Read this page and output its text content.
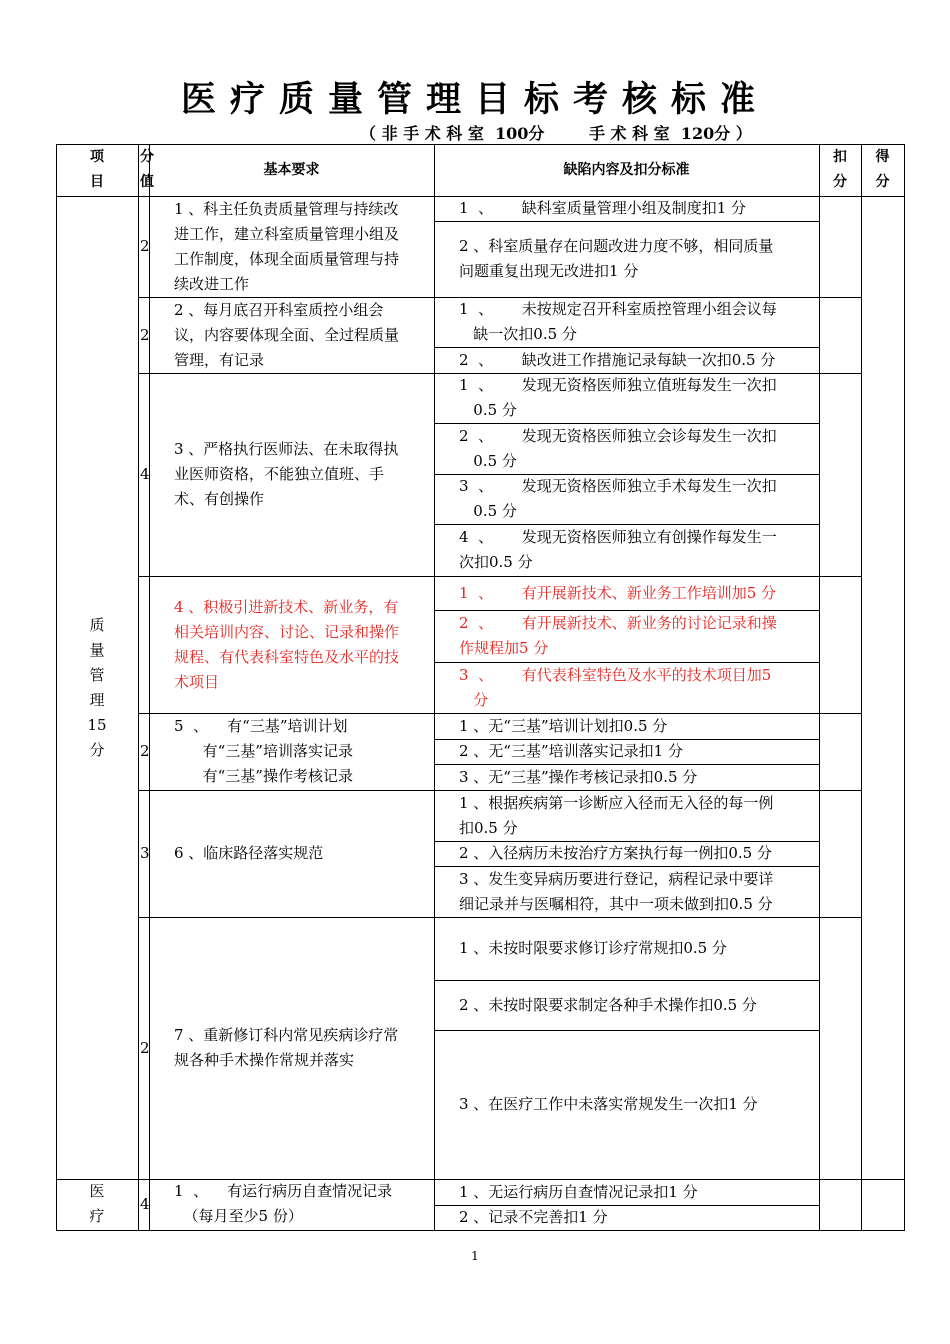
医疗质量管理目标考核标准
（ 非 手 术 科 室  100分        手 术 科 室  120分 ）
项
目
分
值
基本要求	缺陷内容及扣分标准
扣
分
得
分
质
量
管
理
15
分
医
疗
2
1 、科主任负责质量管理与持续改
进工作，建立科室质量管理小组及
工作制度，体现全面质量管理与持
续改进工作
1  、      缺科室质量管理小组及制度扣1 分
2 、科室质量存在问题改进力度不够，相同质量
问题重复出现无改进扣1 分
2
2 、每月底召开科室质控小组会
议，内容要体现全面、全过程质量
管理，有记录
1  、      未按规定召开科室质控管理小组会议每
缺一次扣0.5 分
2  、      缺改进工作措施记录每缺一次扣0.5 分
4
3 、严格执行医师法、在未取得执
业医师资格，不能独立值班、手
术、有创操作
1  、      发现无资格医师独立值班每发生一次扣
0.5 分
2  、      发现无资格医师独立会诊每发生一次扣
0.5 分
3  、      发现无资格医师独立手术每发生一次扣
0.5 分
4  、      发现无资格医师独立有创操作每发生一
次扣0.5 分
4 、积极引进新技术、新业务，有
相关培训内容、讨论、记录和操作
规程、有代表科室特色及水平的技
术项目
1  、      有开展新技术、新业务工作培训加5 分
2  、      有开展新技术、新业务的讨论记录和操
作规程加5 分
3  、      有代表科室特色及水平的技术项目加5
分
2
5  、    有“三基”培训计划
有“三基”培训落实记录
有“三基”操作考核记录
1 、无“三基”培训计划扣0.5 分
2 、无“三基”培训落实记录扣1 分
3 、无“三基”操作考核记录扣0.5 分
3 6 、临床路径落实规范
1 、根据疾病第一诊断应入径而无入径的每一例
扣0.5 分
2 、入径病历未按治疗方案执行每一例扣0.5 分
3 、发生变异病历要进行登记，病程记录中要详
细记录并与医嘱相符，其中一项未做到扣0.5 分
2
7 、重新修订科内常见疾病诊疗常
规各种手术操作常规并落实
1 、未按时限要求修订诊疗常规扣0.5 分
2 、未按时限要求制定各种手术操作扣0.5 分
3 、在医疗工作中未落实常规发生一次扣1 分
4
1  、    有运行病历自查情况记录
（每月至少5 份）
1 、无运行病历自查情况记录扣1 分
2 、记录不完善扣1 分
1
